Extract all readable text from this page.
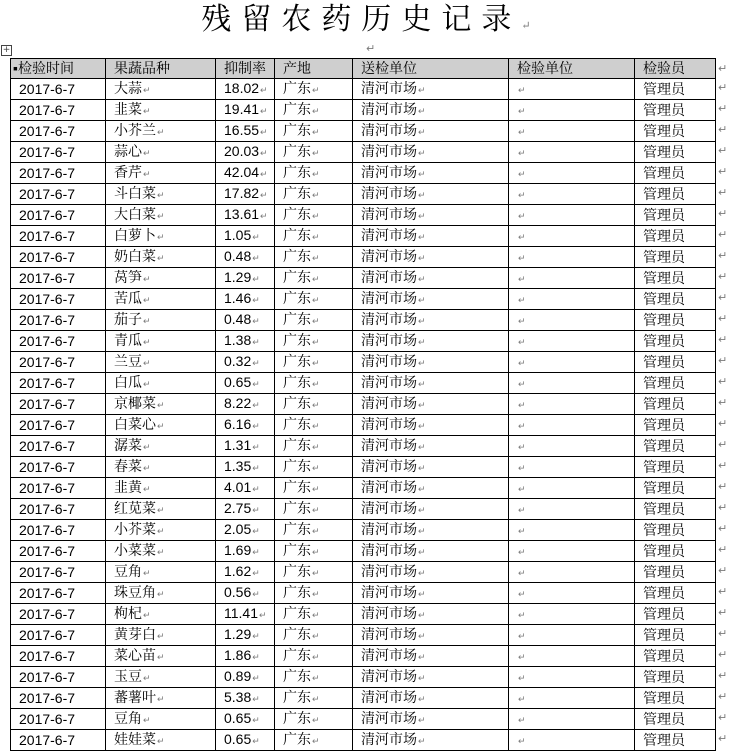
残留农药历史记录↵
+	↵
▪检验时间	果蔬品种	抑制率	产地	送检单位	检验单位	检验员
2017-6-7	大蒜 ↵	18.02 ↵	广东 ↵	清河市场 ↵	↵	管理员
2017-6-7	韭菜 ↵	19.41 ↵	广东 ↵	清河市场 ↵	↵	管理员
2017-6-7	小芥兰 ↵	16.55 ↵	广东 ↵	清河市场 ↵	↵	管理员
2017-6-7	蒜心 ↵	20.03 ↵	广东 ↵	清河市场 ↵	↵	管理员
2017-6-7	香芹 ↵	42.04 ↵	广东 ↵	清河市场 ↵	↵	管理员
2017-6-7	斗白菜 ↵	17.82 ↵	广东 ↵	清河市场 ↵	↵	管理员
2017-6-7	大白菜 ↵	13.61 ↵	广东 ↵	清河市场 ↵	↵	管理员
2017-6-7	白萝卜 ↵	1.05 ↵	广东 ↵	清河市场 ↵	↵	管理员
2017-6-7	奶白菜 ↵	0.48 ↵	广东 ↵	清河市场 ↵	↵	管理员
2017-6-7	莴笋 ↵	1.29 ↵	广东 ↵	清河市场 ↵	↵	管理员
2017-6-7	苦瓜 ↵	1.46 ↵	广东 ↵	清河市场 ↵	↵	管理员
2017-6-7	茄子 ↵	0.48 ↵	广东 ↵	清河市场 ↵	↵	管理员
2017-6-7	青瓜 ↵	1.38 ↵	广东 ↵	清河市场 ↵	↵	管理员
2017-6-7	兰豆 ↵	0.32 ↵	广东 ↵	清河市场 ↵	↵	管理员
2017-6-7	白瓜 ↵	0.65 ↵	广东 ↵	清河市场 ↵	↵	管理员
2017-6-7	京椰菜 ↵	8.22 ↵	广东 ↵	清河市场 ↵	↵	管理员
2017-6-7	白菜心 ↵	6.16 ↵	广东 ↵	清河市场 ↵	↵	管理员
2017-6-7	潺菜 ↵	1.31 ↵	广东 ↵	清河市场 ↵	↵	管理员
2017-6-7	春菜 ↵	1.35 ↵	广东 ↵	清河市场 ↵	↵	管理员
2017-6-7	韭黄 ↵	4.01 ↵	广东 ↵	清河市场 ↵	↵	管理员
2017-6-7	红苋菜 ↵	2.75 ↵	广东 ↵	清河市场 ↵	↵	管理员
2017-6-7	小芥菜 ↵	2.05 ↵	广东 ↵	清河市场 ↵	↵	管理员
2017-6-7	小菜菜 ↵	1.69 ↵	广东 ↵	清河市场 ↵	↵	管理员
2017-6-7	豆角 ↵	1.62 ↵	广东 ↵	清河市场 ↵	↵	管理员
2017-6-7	珠豆角 ↵	0.56 ↵	广东 ↵	清河市场 ↵	↵	管理员
2017-6-7	枸杞 ↵	11.41 ↵	广东 ↵	清河市场 ↵	↵	管理员
2017-6-7	黄芽白 ↵	1.29 ↵	广东 ↵	清河市场 ↵	↵	管理员
2017-6-7	菜心苗 ↵	1.86 ↵	广东 ↵	清河市场 ↵	↵	管理员
2017-6-7	玉豆 ↵	0.89 ↵	广东 ↵	清河市场 ↵	↵	管理员
2017-6-7	蕃薯叶 ↵	5.38 ↵	广东 ↵	清河市场 ↵	↵	管理员
2017-6-7	豆角 ↵	0.65 ↵	广东 ↵	清河市场 ↵	↵	管理员
2017-6-7	娃娃菜 ↵	0.65 ↵	广东 ↵	清河市场 ↵	↵	管理员
↵
↵
↵
↵
↵
↵
↵
↵
↵
↵
↵
↵
↵
↵
↵
↵
↵
↵
↵
↵
↵
↵
↵
↵
↵
↵
↵
↵
↵
↵
↵
↵
↵
